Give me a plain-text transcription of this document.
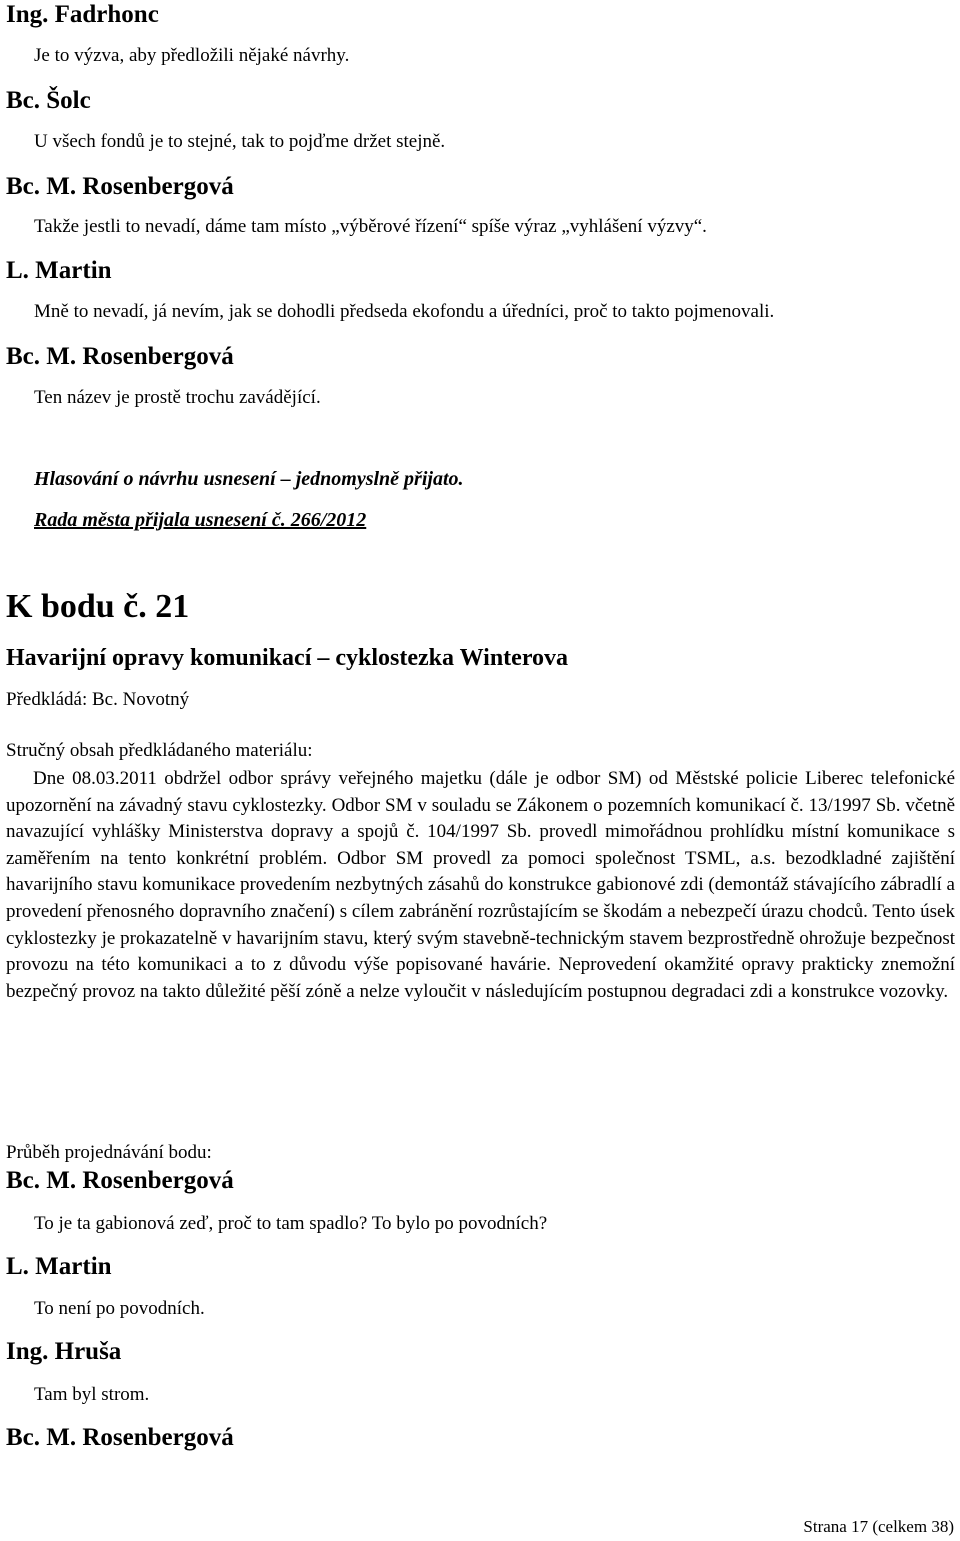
Ing. Fadrhonc
Je to výzva, aby předložili nějaké návrhy.
Bc. Šolc
U všech fondů je to stejné, tak to pojďme držet stejně.
Bc. M. Rosenbergová
Takže jestli to nevadí, dáme tam místo „výběrové řízení“ spíše výraz „vyhlášení výzvy“.
L. Martin
Mně to nevadí, já nevím, jak se dohodli předseda ekofondu a úředníci, proč to takto pojmenovali.
Bc. M. Rosenbergová
Ten název je prostě trochu zavádějící.
Hlasování o návrhu usnesení – jednomyslně přijato.
Rada města přijala usnesení č. 266/2012
K bodu č. 21
Havarijní opravy komunikací – cyklostezka Winterova
Předkládá: Bc. Novotný
Stručný obsah předkládaného materiálu:
Dne 08.03.2011 obdržel odbor správy veřejného majetku (dále je odbor SM) od Městské policie Liberec telefonické upozornění na závadný stavu cyklostezky. Odbor SM v souladu se Zákonem o pozemních komunikací č. 13/1997 Sb. včetně navazující vyhlášky Ministerstva dopravy a spojů č. 104/1997 Sb. provedl mimořádnou prohlídku místní komunikace s zaměřením na tento konkrétní problém. Odbor SM provedl za pomoci společnost TSML, a.s. bezodkladné zajištění havarijního stavu komunikace provedením nezbytných zásahů do konstrukce gabionové zdi (demontáž stávajícího zábradlí a provedení přenosného dopravního značení) s cílem zabránění rozrůstajícím se škodám a nebezpečí úrazu chodců. Tento úsek cyklostezky je prokazatelně v havarijním stavu, který svým stavebně-technickým stavem bezprostředně ohrožuje bezpečnost provozu na této komunikaci a to z důvodu výše popisované havárie. Neprovedení okamžité opravy prakticky znemožní bezpečný provoz na takto důležité pěší zóně a nelze vyloučit v následujícím postupnou degradaci zdi a konstrukce vozovky.
Průběh projednávání bodu:
Bc. M. Rosenbergová
To je ta gabionová zeď, proč to tam spadlo? To bylo po povodních?
L. Martin
To není po povodních.
Ing. Hruša
Tam byl strom.
Bc. M. Rosenbergová
Strana 17 (celkem 38)
